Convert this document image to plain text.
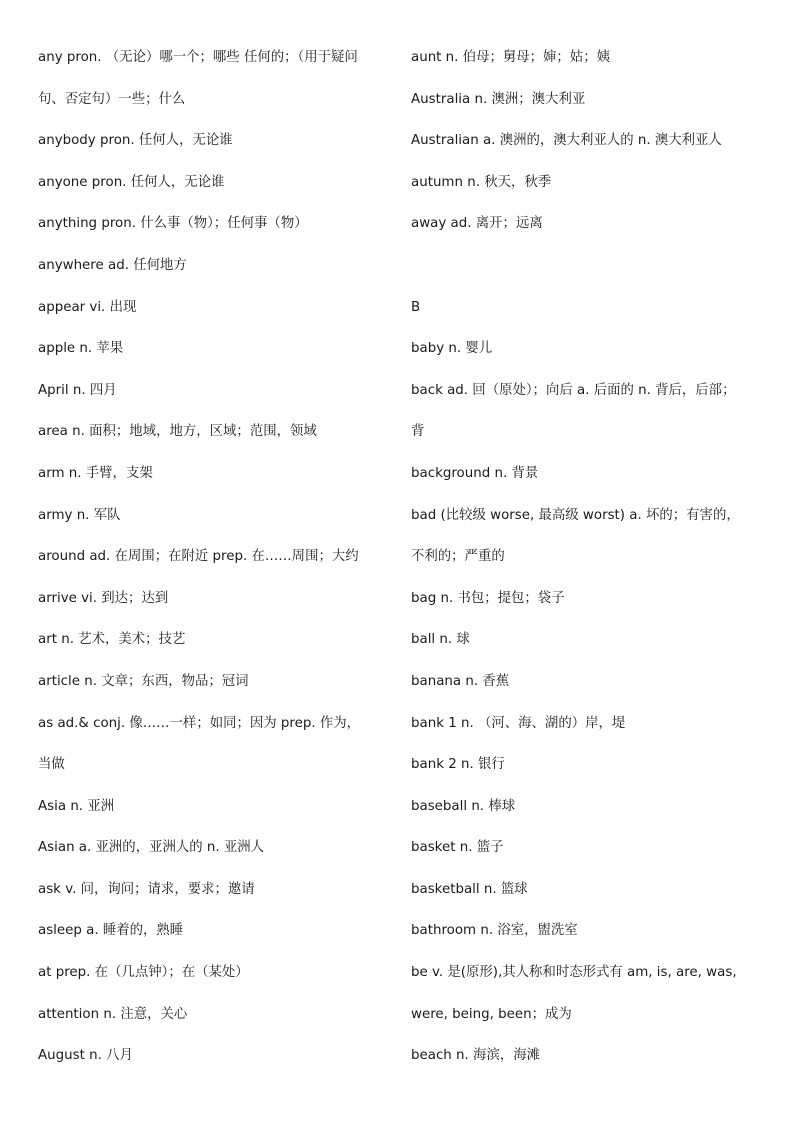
any pron. （无论）哪一个；哪些 任何的；（用于疑问
句、否定句）一些；什么
anybody pron. 任何人，无论谁
anyone pron. 任何人，无论谁
anything pron. 什么事（物）；任何事（物）
anywhere ad. 任何地方
appear vi. 出现
apple n. 苹果
April n. 四月
area n. 面积；地域，地方，区域；范围，领域
arm n. 手臂，支架
army n. 军队
around ad. 在周围；在附近 prep. 在……周围；大约
arrive vi. 到达；达到
art n. 艺术，美术；技艺
article n. 文章；东西，物品；冠词
as ad.& conj. 像……一样；如同；因为 prep. 作为，
当做
Asia n. 亚洲
Asian a. 亚洲的，亚洲人的 n. 亚洲人
ask v. 问，询问；请求，要求；邀请
asleep a. 睡着的，熟睡
at prep. 在（几点钟）；在（某处）
attention n. 注意，关心
August n. 八月
aunt n. 伯母；舅母；婶；姑；姨
Australia n. 澳洲；澳大利亚
Australian a. 澳洲的，澳大利亚人的 n. 澳大利亚人
autumn n. 秋天，秋季
away ad. 离开；远离
B
baby n. 婴儿
back ad. 回（原处）；向后 a. 后面的 n. 背后，后部；
背
background n. 背景
bad (比较级 worse, 最高级 worst) a. 坏的；有害的，
不利的；严重的
bag n. 书包；提包；袋子
ball n. 球
banana n. 香蕉
bank 1 n. （河、海、湖的）岸，堤
bank 2 n. 银行
baseball n. 棒球
basket n. 篮子
basketball n. 篮球
bathroom n. 浴室，盥洗室
be v. 是(原形),其人称和时态形式有 am, is, are, was,
were, being, been；成为
beach n. 海滨，海滩
